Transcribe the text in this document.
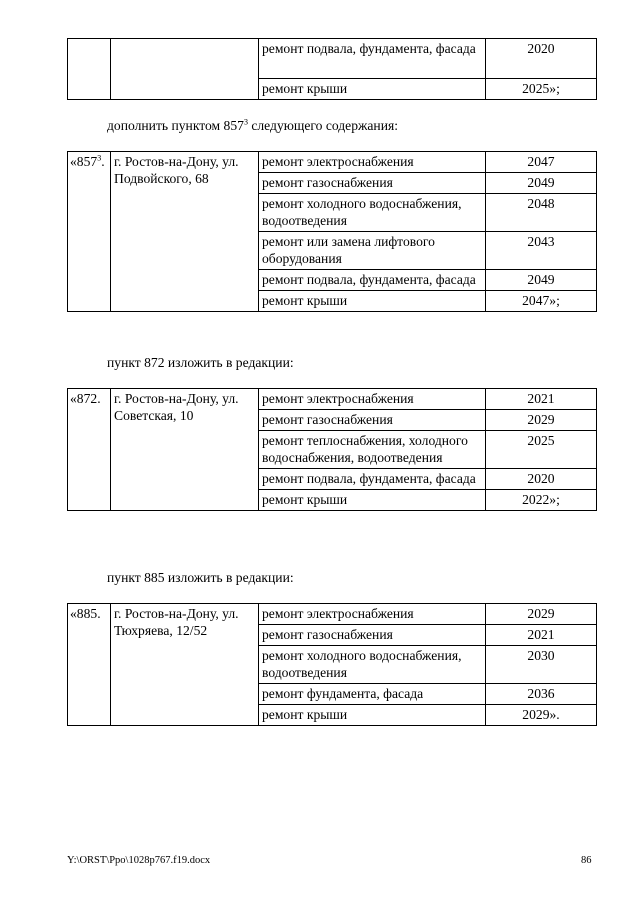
		ремонт подвала, фундамента, фасада	2020
		ремонт крыши	2025»;
дополнить пунктом $857^3$ следующего содержания:
«$857^3$.	г. Ростов-на-Дону, ул. Подвойского, 68	ремонт электроснабжения	2047
		ремонт газоснабжения	2049
		ремонт холодного водоснабжения, водоотведения	2048
		ремонт или замена лифтового оборудования	2043
		ремонт подвала, фундамента, фасада	2049
		ремонт крыши	2047»;
пункт 872 изложить в редакции:
«872.	г. Ростов-на-Дону, ул. Советская, 10	ремонт электроснабжения	2021
		ремонт газоснабжения	2029
		ремонт теплоснабжения, холодного водоснабжения, водоотведения	2025
		ремонт подвала, фундамента, фасада	2020
		ремонт крыши	2022»;
пункт 885 изложить в редакции:
«885.	г. Ростов-на-Дону, ул. Тюхряева, 12/52	ремонт электроснабжения	2029
		ремонт газоснабжения	2021
		ремонт холодного водоснабжения, водоотведения	2030
		ремонт фундамента, фасада	2036
		ремонт крыши	2029».
Y:\ORST\Ppo\1028p767.f19.docx	86
